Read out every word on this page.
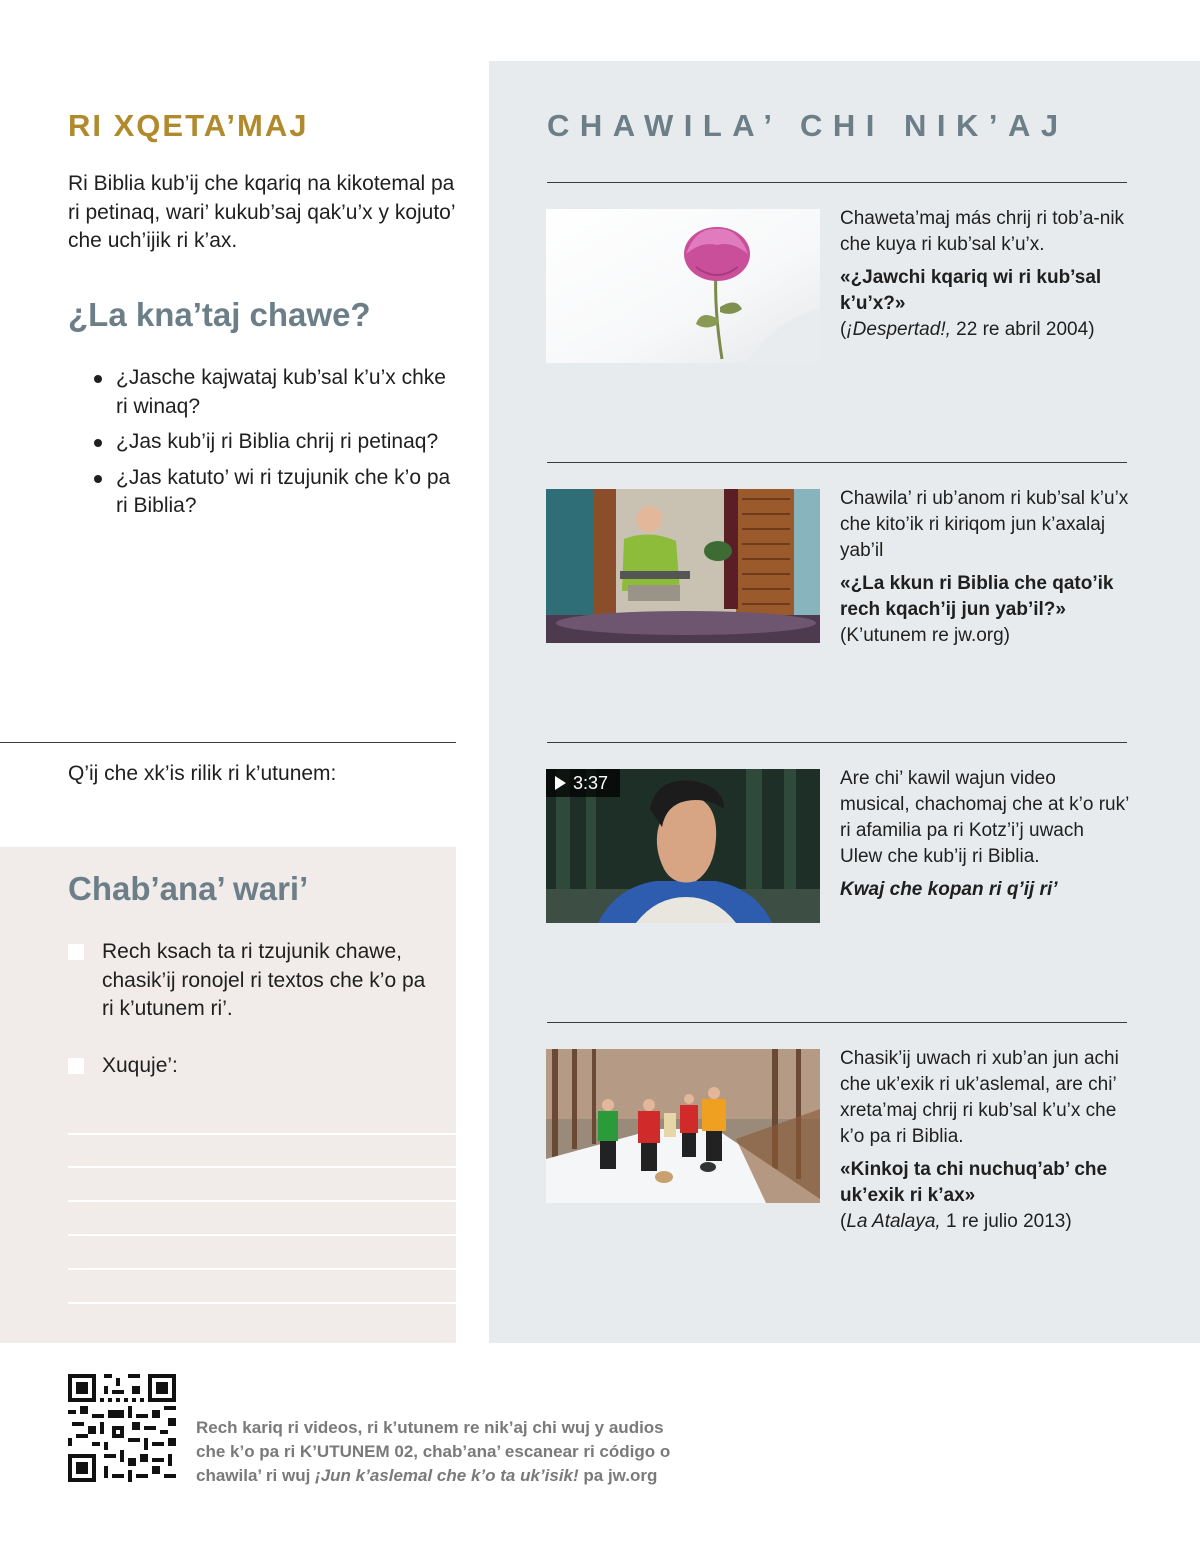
RI XQETA’MAJ

Ri Biblia kub’ij che kqariq na kikotemal pa ri petinaq, wari’ kukub’saj qak’u’x y kojuto’ che uch’ijik ri k’ax.

¿La kna’taj chawe?
¿Jasche kajwataj kub’sal k’u’x chke ri winaq?
¿Jas kub’ij ri Biblia chrij ri petinaq?
¿Jas katuto’ wi ri tzujunik che k’o pa ri Biblia?

Q’ij che xk’is rilik ri k’utunem:

Chab’ana’ wari’
Rech ksach ta ri tzujunik chawe, chasik’ij ronojel ri textos che k’o pa ri k’utunem ri’.
Xuquje’:
CHAWILA’ CHI NIK’AJ

Chaweta’maj más chrij ri tob’a-nik che kuya ri kub’sal k’u’x.

«¿Jawchi kqariq wi ri kub’sal k’u’x?»

(¡Despertad!, 22 re abril 2004)

Chawila’ ri ub’anom ri kub’sal k’u’x che kito’ik ri kiriqom jun k’axalaj yab’il

«¿La kkun ri Biblia che qato’ik rech kqach’ij jun yab’il?»

(K’utunem re jw.org)

3:37	Are chi’ kawil wajun video musical, chachomaj che at k’o ruk’ ri afamilia pa ri Kotz’i’j uwach Ulew che kub’ij ri Biblia.

Kwaj che kopan ri q’ij ri’

Chasik’ij uwach ri xub’an jun achi che uk’exik ri uk’aslemal, are chi’ xreta’maj chrij ri kub’sal k’u’x che k’o pa ri Biblia.

«Kinkoj ta chi nuchuq’ab’ che uk’exik ri k’ax»

(La Atalaya, 1 re julio 2013)

Rech kariq ri videos, ri k’utunem re nik’aj chi wuj y audios
che k’o pa ri K’UTUNEM 02, chab’ana’ escanear ri código o
chawila’ ri wuj ¡Jun k’aslemal che k’o ta uk’isik! pa jw.org
